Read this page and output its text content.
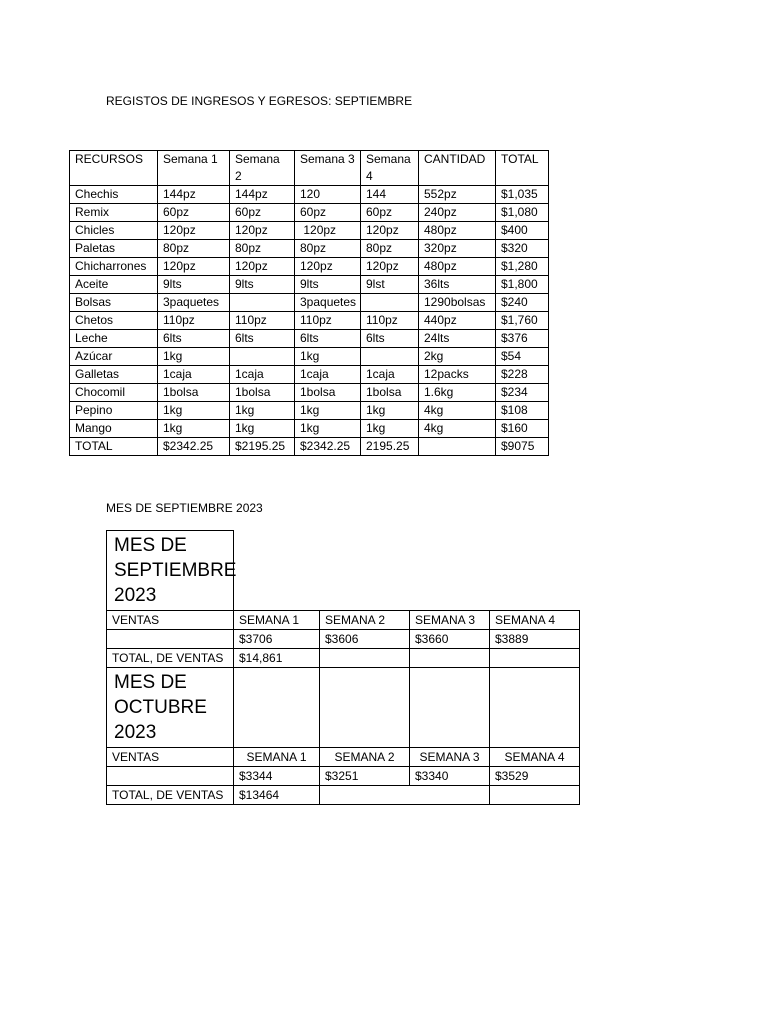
REGISTOS DE INGRESOS Y EGRESOS: SEPTIEMBRE
RECURSOS	Semana 1	Semana 2	Semana 3	Semana 4	CANTIDAD	TOTAL
Chechis	144pz	144pz	120	144	552pz	$1,035
Remix	60pz	60pz	60pz	60pz	240pz	$1,080
Chicles	120pz	120pz	120pz	120pz	480pz	$400
Paletas	80pz	80pz	80pz	80pz	320pz	$320
Chicharrones	120pz	120pz	120pz	120pz	480pz	$1,280
Aceite	9lts	9lts	9lts	9lst	36lts	$1,800
Bolsas	3paquetes		3paquetes		1290bolsas	$240
Chetos	110pz	110pz	110pz	110pz	440pz	$1,760
Leche	6lts	6lts	6lts	6lts	24lts	$376
Azúcar	1kg		1kg		2kg	$54
Galletas	1caja	1caja	1caja	1caja	12packs	$228
Chocomil	1bolsa	1bolsa	1bolsa	1bolsa	1.6kg	$234
Pepino	1kg	1kg	1kg	1kg	4kg	$108
Mango	1kg	1kg	1kg	1kg	4kg	$160
TOTAL	$2342.25	$2195.25	$2342.25	2195.25		$9075
MES DE SEPTIEMBRE 2023
MES DE SEPTIEMBRE 2023				
VENTAS	SEMANA 1	SEMANA 2	SEMANA 3	SEMANA 4
	$3706	$3606	$3660	$3889
TOTAL, DE VENTAS	$14,861			
MES DE OCTUBRE 2023				
VENTAS	SEMANA 1	SEMANA 2	SEMANA 3	SEMANA 4
	$3344	$3251	$3340	$3529
TOTAL, DE VENTAS	$13464			
